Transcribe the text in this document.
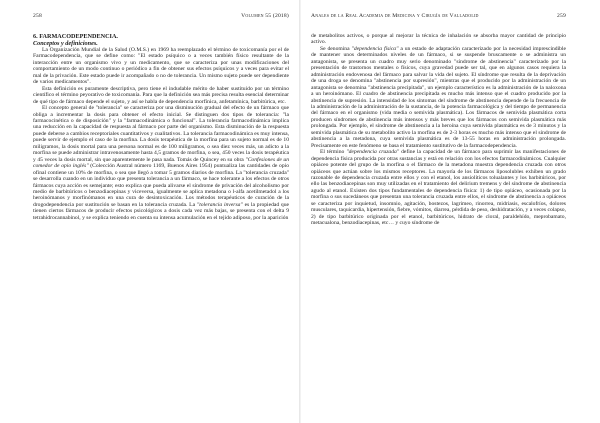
258	Volumen 55 (2018)
6. FARMACODEPENDENCIA.
Conceptos y definiciones.

La Organización Mundial de la Salud (O.M.S.) en 1969 ha reemplazado el término de toxicomanía por el de Farmacodependencia, que se define como: "El estado psíquico o a veces también físico resultante de la interacción entre un organismo vivo y un medicamento, que se caracteriza por unas modificaciones del comportamiento de un modo continuo o periódico a fin de obtener sus efectos psíquicos y a veces para evitar el mal de la privación. Este estado puede ir acompañado o no de tolerancia. Un mismo sujeto puede ser dependiente de varios medicamentos".

Esta definición es puramente descriptiva, pero tiene el indudable mérito de haber sustituido por un término científico el término peyorativo de toxicomanía. Para que la definición sea más precisa resulta esencial determinar de qué tipo de fármaco depende el sujeto, y así se habla de dependencia morfínica, anfetamínica, barbitúrica, etc.

El concepto general de "tolerancia" se caracteriza por una disminución gradual del efecto de un fármaco que obliga a incrementar la dosis para obtener el efecto inicial. Se distinguen dos tipos de tolerancia: "la farmacocinética o de disposición" y la "farmacodinámica o funcional". La tolerancia farmacodinámica implica una reducción en la capacidad de respuesta al fármaco por parte del organismo. Esta disminución de la respuesta puede deberse a cambios receptoriales cuantitativos y cualitativos. La tolerancia farmacodinámica es muy intensa, puede servir de ejemplo el caso de la morfina. La dosis terapéutica de la morfina para un sujeto normal es de 10 miligramos, la dosis mortal para una persona normal es de 100 miligramos, o sea diez veces más, un adicto a la morfina se puede administrar intravenosamente hasta 4,5 gramos de morfina, o sea, 450 veces la dosis terapéutica y 45 veces la dosis mortal, sin que aparentemente le pasa nada. Tomás de Quincey en su obra "Confesiones de un comedor de opio inglés" (Colección Austral número 1169, Buenos Aires 1954) puntualiza las cantidades de opio ofinal contiene un 10% de morfina, o sea que llegó a tomar 5 gramos diarios de morfina. La "tolerancia cruzada" se desarrolla cuando en un individuo que presenta tolerancia a un fármaco, se hace tolerante a los efectos de otros fármacos cuya acción es semejante; esto explica que pueda alivarse el síndrome de privación del alcoholismo por medio de barbitúricos o benzodiacepinas y viceversa, igualmente se aplica metadona o l-alfa acetilmetadol a los heroinómanos y morfinómanos en una cura de desintoxicación. Los métodos terapéuticos de curación de la drogodependencia por sustitución se basan en la tolerancia cruzada. La "tolerancia inversa" es la propiedad que tienen ciertos fármacos de producir efectos psicológicos a dosis cada vez más bajas, se presenta con el delta 9 tetrahidrocannabinol, y se explica teniendo en cuenta su intensa acumulación en el tejido adiposo, por la aparición

Anales de la Real Academia de Medicina y Cirugía de Valladolid	259

de metabolitos activos, o porque al mejorar la técnica de inhalación se absorba mayor cantidad de principio activo.

Se denomina "dependencia física" a un estado de adaptación caracterizado por la necesidad imprescindible de mantener unos determinados niveles de un fármaco, si se suspende bruscamente o se administra un antagonista, se presenta un cuadro muy serio denominado "síndrome de abstinencia" caracterizado por la presentación de trastornos mentales o físicos, cuya gravedad puede ser tal, que en algunos casos requiera la administración endovenosa del fármaco para salvar la vida del sujeto. El síndrome que resulta de la deprivación de una droga se denomina "abstinencia por supresión", mientras que el producido por la administración de un antagonista se denomina "abstinencia precipitada", un ejemplo característico es la administración de la naloxona a un heroinómano. El cuadro de abstinencia precipitada es mucho más intenso que el cuadro producido por la abstinencia de supresión. La intensidad de los síntomas del síndrome de abstinencia depende de la frecuencia de la administración de la administración de la sustancia, de la potencia farmacológica y del tiempo de permanencia del fármaco en el organismo (vida media o semivida plasmática). Los fármacos de semivida plasmática corta producen síndromes de abstinencia más intensos y más breves que los fármacos con semivida plasmática más prolongada. Por ejemplo, el síndrome de abstinencia a la heroína cuya semivida plasmática es de 3 minutos y la semivida plasmática de su metabolito activo la morfina es de 2-3 horas es mucho más intenso que el síndrome de abstinencia a la metadona, cuya semivida plasmática es de 13-55 horas en administración prolongada. Precisamente en este fenómeno se basa el tratamiento sustitutivo de la farmacodependencia.

El término "dependencia cruzada" define la capacidad de un fármaco para suprimir las manifestaciones de dependencia física producida por otras sustancias y está en relación con los efectos farmacodinámicos. Cualquier opiáceo potente del grupo de la morfina o el fármaco de la metadona muestra dependencia cruzada con otros opiáceos que actúan sobre los mismos receptores. La mayoría de los fármacos liposolubles exhiben un grado razonable de dependencia cruzada entre ellos y con el etanol, los ansiolíticos tolualantes y los barbitúricos, por ello las benzodiacepinas son muy utilizadas en el tratamiento del delirium tremens y del síndrome de abstinencia agudo al etanol. Existen dos tipos fundamentales de dependencia física: 1) de tipo opiáceo, ocasionada por la morfina o sus sucedáneos que presentan una tolerancia cruzada entre ellos, el síndrome de abstinencia a opiáceos se caracteriza por inquietud, insomnio, agitación, bostezos, lagrimeo, rinorrea, midriasis, escalofríos, dolores musculares, taquicardia, hipertensión, fiebre, vómitos, diarrea, pérdida de peso, deshidratación, y a veces colapso, 2) de tipo barbitúrico originada por el etanol, barbitúricos, hidrato de cloral, paraldehído, meprobamato, metacualona, benzodiacepinas, etc… y cuyo síndrome de
